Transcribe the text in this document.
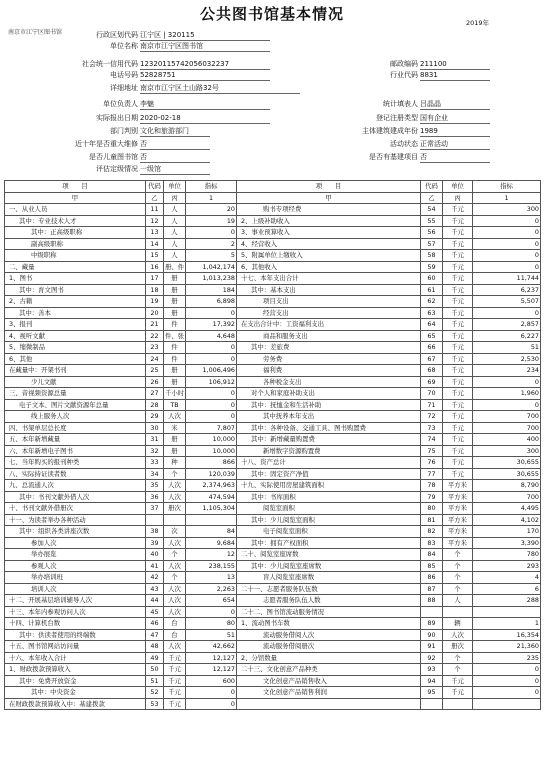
公共图书馆基本情况	2019年
南京市江宁区图书馆	行政区划代码 江宁区 | 320115
单位名称 南京市江宁区图书馆
社会统一信用代码 12320115742056032237
电话号码 52828751
详细地址 南京市江宁区土山路32号
单位负责人 李魅
实际报出日期 2020-02-18
部门判别 文化和旅游部门
近十年是否重大维修 否
是否儿童图书馆 否
评估定级情况 一级馆
邮政编码 211100
行业代码 8831
统计填表人 吕晶晶
登记注册类型 国有企业
主体建筑建成年份 1989
活动状态 正常活动
是否有基建项目 否
项　　目	代码	单位	指标	项　　目	代码	单位	指标
甲	乙	丙	1	甲	乙	丙	1
一、从业人员	11	人	20	购书专项经费	54	千元	300
其中：专业技术人才	12	人	19	2、上级补助收入	55	千元	0
其中：正高级职称	13	人	0	3、事业预算收入	56	千元	0
副高级职称	14	人	2	4、经营收入	57	千元	0
中级职称	15	人	5	5、附属单位上缴收入	58	千元	0
二、藏量	16	册、件	1,042,174	6、其他收入	59	千元	0
1、图书	17	册	1,013,238	十七、本年支出合计	60	千元	11,744
其中：育文图书	18	册	184	其中：基本支出	61	千元	6,237
2、古籍	19	册	6,898	项目支出	62	千元	5,507
其中：善本	20	册	0	经营支出	63	千元	0
3、报刊	21	件	17,392	在支出合计中：工资福利支出	64	千元	2,857
4、视听文献	22	件、张	4,648	商品和服务支出	65	千元	6,227
5、缩微制品	23	件	0	其中：差旅费	66	千元	51
6、其他	24	件	0	劳务费	67	千元	2,530
在藏量中：开架书刊	25	册	1,006,496	福利费	68	千元	234
少儿文献	26	册	106,912	各种税金支出	69	千元	0
三、音视频资源总量	27	千小时	0	对个人和家庭补助支出	70	千元	1,960
电子文本、图片文献资源年总量	28	TB	0	其中：抚恤金和生活补助	71	千元	0
线上服务人次	29	人次	0	其中抚养本年支出	72	千元	700
四、书架单层总长度	30	米	7,807	其中：各种设备、交通工具、图书购置费	73	千元	700
五、本年新增藏量	31	册	10,000	其中：新增藏量购置费	74	千元	400
六、本年新增电子图书	32	册	10,000	新增数字资源购置费	75	千元	300
七、当年购买的报刊种类	33	种	866	十八、资产总计	76	千元	30,655
八、实际持证读者数	34	个	120,039	其中：固定资产净值	77	千元	30,655
九、总流通人次	35	人次	2,374,963	十九、实际使用房屋建筑面积	78	平方米	8,790
其中：书刊文献外借人次	36	人次	474,594	其中：书库面积	79	平方米	700
十、书刊文献外借册次	37	册次	1,105,304	阅览室面积	80	平方米	4,495
十一、为读者举办各种活动				其中：少儿阅览室面积	81	平方米	4,102
其中：组织各类讲座次数	38	次	84	电子阅览室面积	82	平方米	170
参加人次	39	人次	9,684	其中：拥有产权面积	83	平方米	3,390
举办展览	40	个	12	二十、阅览室座席数	84	个	780
参观人次	41	人次	238,155	其中：少儿阅览室座席数	85	个	293
举办培训班	42	个	13	盲人阅览室座席数	86	个	4
培训人次	43	人次	2,263	二十一、志愿者服务队伍数	87	个	6
十二、开展基层培训辅导人次	44	人次	654	志愿者服务队伍人数	88	人	288
十三、本年内参观访问人次	45	人次	0	二十二、图书馆流动服务情况			
十四、计算机台数	46	台	80	1、流动图书车数	89	辆	1
其中：供读者使用的终端数	47	台	51	流动服务借阅人次	90	人次	16,354
十五、图书馆网站访问量	48	人次	42,662	流动服务借阅册次	91	册次	21,360
十六、本年收入合计	49	千元	12,127	2、分馆数量	92	个	235
1、财政拨款预算收入	50	千元	12,127	二十三、文化创意产品种类	93	个	0
其中：免费开放资金	51	千元	600	文化创意产品销售收入	94	千元	0
其中：中央资金	52	千元	0	文化创意产品销售利润	95	千元	0
在财政拨款预算收入中：基建拨款	53	千元	0				
